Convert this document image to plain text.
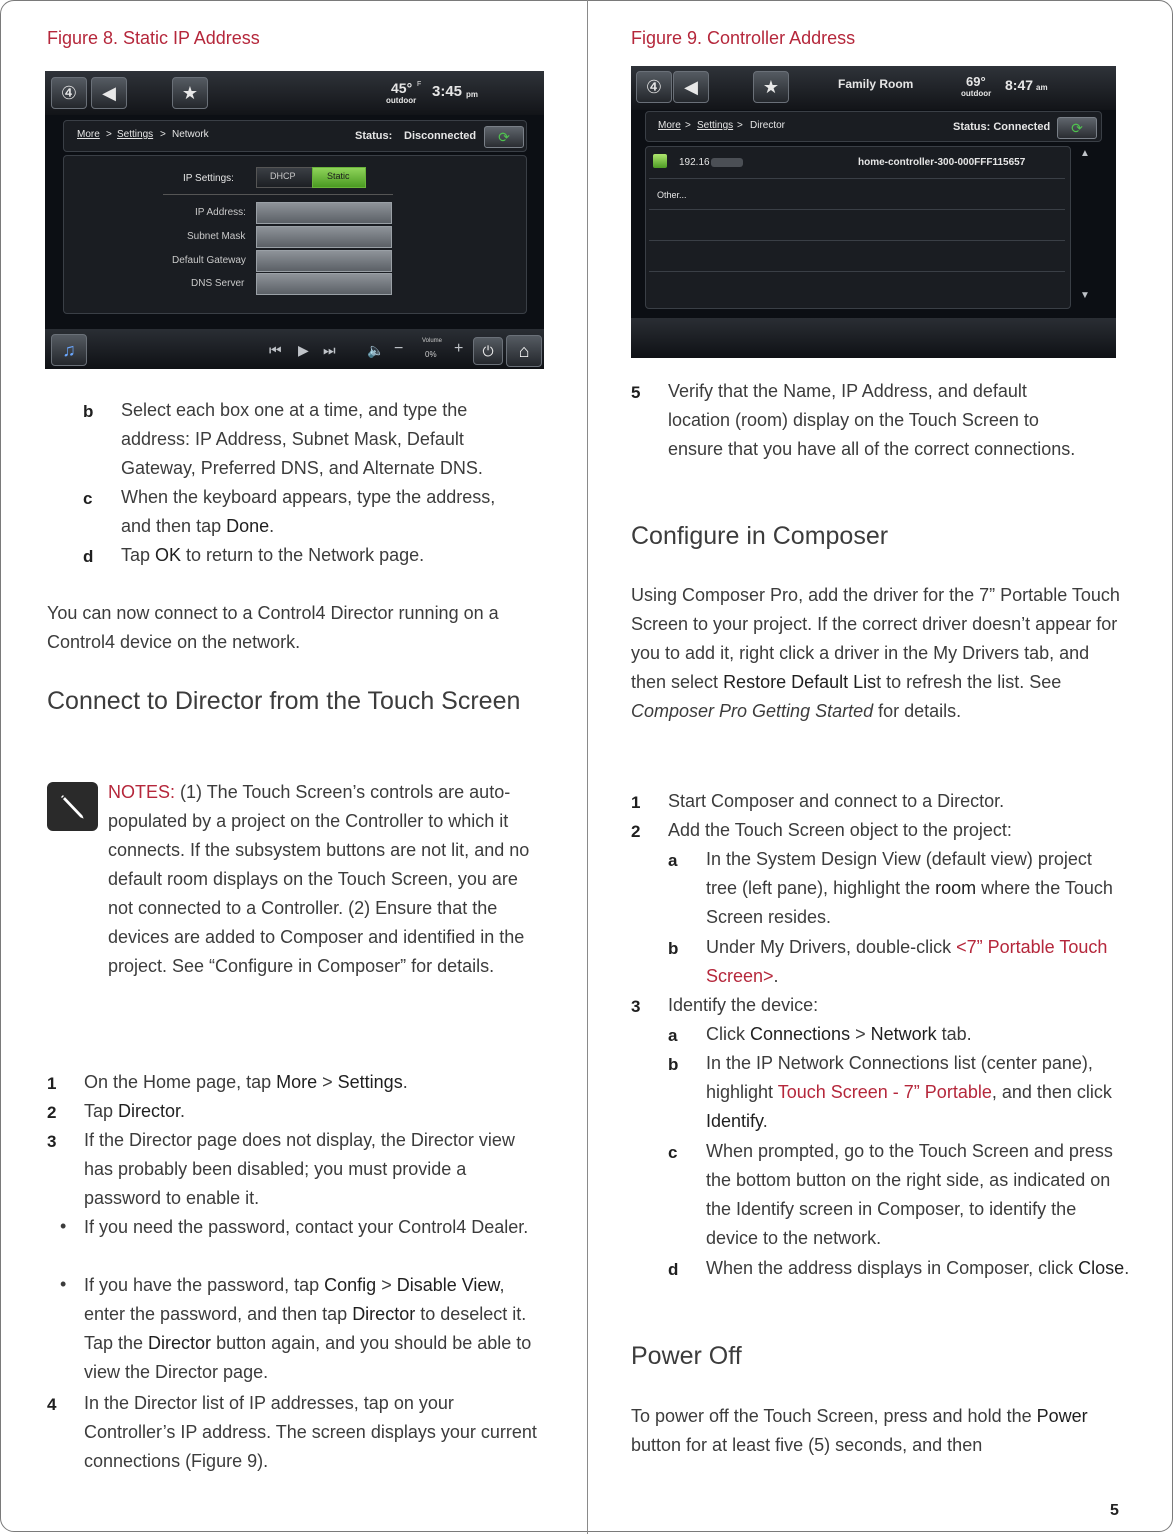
Figure 8. Static IP Address
④	◀	★	45° F
outdoor
3:45 pm
More > Settings > Network	Status: Disconnected	⟳
IP Settings:	DHCP	Static
IP Address:
Subnet Mask
Default Gateway
DNS Server
♫	⏮ ▶ ⏭ 🔈 −	Volume
0% +	⏻	⌂
b Select each box one at a time, and type the address: IP Address, Subnet Mask, Default Gateway, Preferred DNS, and Alternate DNS.

c When the keyboard appears, type the address, and then tap Done.

d Tap OK to return to the Network page.

You can now connect to a Control4 Director running on a Control4 device on the network.

Connect to Director from the Touch Screen

NOTES: (1) The Touch Screen’s controls are auto-populated by a project on the Controller to which it connects. If the subsystem buttons are not lit, and no default room displays on the Touch Screen, you are not connected to a Controller. (2) Ensure that the devices are added to Composer and identified in the project. See “Configure in Composer” for details.

1 On the Home page, tap More > Settings.

2 Tap Director.

3 If the Director page does not display, the Director view has probably been disabled; you must provide a password to enable it.

• If you need the password, contact your Control4 Dealer.

• If you have the password, tap Config > Disable View, enter the password, and then tap Director to deselect it. Tap the Director button again, and you should be able to view the Director page.

4 In the Director list of IP addresses, tap on your Controller’s IP address. The screen displays your current connections (Figure 9).

Figure 9. Controller Address
④	◀	★	Family Room	69°
outdoor
8:47 am
More > Settings > Director	Status: Connected	⟳
192.16	home-controller-300-000FFF115657
Other...
▲
▼
5 Verify that the Name, IP Address, and default location (room) display on the Touch Screen to ensure that you have all of the correct connections.

Configure in Composer

Using Composer Pro, add the driver for the 7” Portable Touch Screen to your project. If the correct driver doesn’t appear for you to add it, right click a driver in the My Drivers tab, and then select Restore Default List to refresh the list. See Composer Pro Getting Started for details.

1 Start Composer and connect to a Director.

2 Add the Touch Screen object to the project:

a In the System Design View (default view) project tree (left pane), highlight the room where the Touch Screen resides.

b Under My Drivers, double-click <7” Portable Touch Screen>.

3 Identify the device:

a Click Connections > Network tab.

b In the IP Network Connections list (center pane), highlight Touch Screen - 7” Portable, and then click Identify.

c When prompted, go to the Touch Screen and press the bottom button on the right side, as indicated on the Identify screen in Composer, to identify the device to the network.

d When the address displays in Composer, click Close.

Power Off

To power off the Touch Screen, press and hold the Power button for at least five (5) seconds, and then

5
